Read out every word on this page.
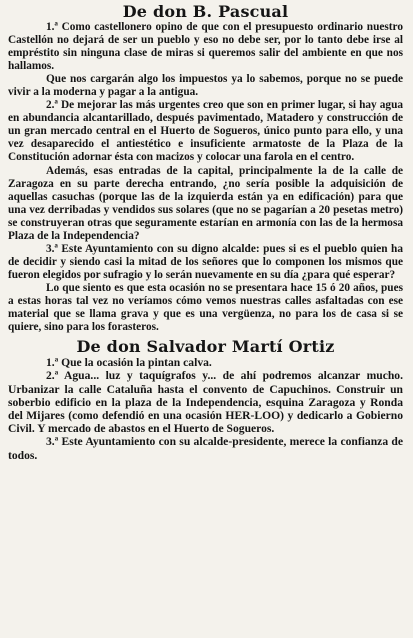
De don B. Pascual

1.ª Como castellonero opino de que con el presupuesto ordinario nuestro Castellón no dejará de ser un pueblo y eso no debe ser, por lo tanto debe irse al empréstito sin ninguna clase de miras si queremos salir del ambiente en que nos hallamos.

Que nos cargarán algo los impuestos ya lo sabemos, porque no se puede vivir a la moderna y pagar a la antigua.

2.ª De mejorar las más urgentes creo que son en primer lugar, si hay agua en abundancia alcantarillado, después pavimentado, Matadero y construcción de un gran mercado central en el Huerto de Sogueros, único punto para ello, y una vez desaparecido el antiestético e insuficiente armatoste de la Plaza de la Constitución adornar ésta con macizos y colocar una farola en el centro.

Además, esas entradas de la capital, principalmente la de la calle de Zaragoza en su parte derecha entrando, ¿no sería posible la adquisición de aquellas casuchas (porque las de la izquierda están ya en edificación) para que una vez derribadas y vendidos sus solares (que no se pagarían a 20 pesetas metro) se construyeran otras que seguramente estarían en armonía con las de la hermosa Plaza de la Independencia?

3.ª Este Ayuntamiento con su digno alcalde: pues si es el pueblo quien ha de decidir y siendo casi la mitad de los señores que lo componen los mismos que fueron elegidos por sufragio y lo serán nuevamente en su día ¿para qué esperar?

Lo que siento es que esta ocasión no se presentara hace 15 ó 20 años, pues a estas horas tal vez no veríamos cómo vemos nuestras calles asfaltadas con ese material que se llama grava y que es una vergüenza, no para los de casa si se quiere, sino para los forasteros.

De don Salvador Martí Ortiz

1.ª Que la ocasión la pintan calva.

2.ª Agua... luz y taquígrafos y... de ahí podremos alcanzar mucho. Urbanizar la calle Cataluña hasta el convento de Capuchinos. Construir un soberbio edificio en la plaza de la Independencia, esquina Zaragoza y Ronda del Mijares (como defendió en una ocasión HER-LOO) y dedicarlo a Gobierno Civil. Y mercado de abastos en el Huerto de Sogueros.

3.ª Este Ayuntamiento con su alcalde-presidente, merece la confianza de todos.
